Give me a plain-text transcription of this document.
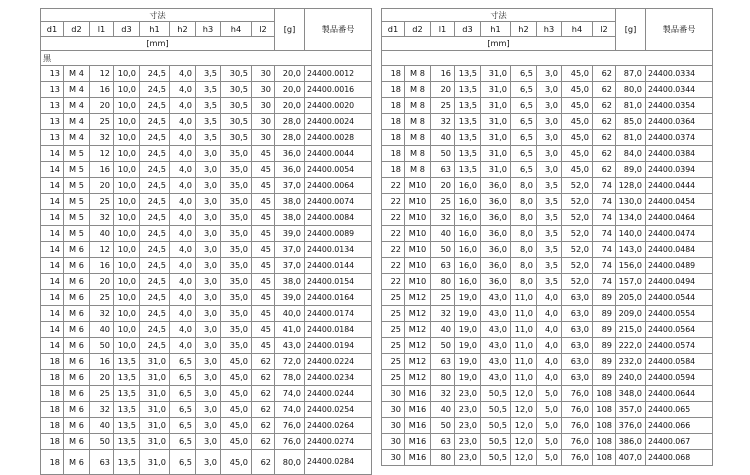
寸法									[g]	製品番号
d1	d2	l1	d3	h1	h2	h3	h4	l2		
[mm]										
黒										
13	M 4	12	10,0	24,5	4,0	3,5	30,5	30	20,0	24400.0012
13	M 4	16	10,0	24,5	4,0	3,5	30,5	30	20,0	24400.0016
13	M 4	20	10,0	24,5	4,0	3,5	30,5	30	20,0	24400.0020
13	M 4	25	10,0	24,5	4,0	3,5	30,5	30	28,0	24400.0024
13	M 4	32	10,0	24,5	4,0	3,5	30,5	30	28,0	24400.0028
14	M 5	12	10,0	24,5	4,0	3,0	35,0	45	36,0	24400.0044
14	M 5	16	10,0	24,5	4,0	3,0	35,0	45	36,0	24400.0054
14	M 5	20	10,0	24,5	4,0	3,0	35,0	45	37,0	24400.0064
14	M 5	25	10,0	24,5	4,0	3,0	35,0	45	38,0	24400.0074
14	M 5	32	10,0	24,5	4,0	3,0	35,0	45	38,0	24400.0084
14	M 5	40	10,0	24,5	4,0	3,0	35,0	45	39,0	24400.0089
14	M 6	12	10,0	24,5	4,0	3,0	35,0	45	37,0	24400.0134
14	M 6	16	10,0	24,5	4,0	3,0	35,0	45	37,0	24400.0144
14	M 6	20	10,0	24,5	4,0	3,0	35,0	45	38,0	24400.0154
14	M 6	25	10,0	24,5	4,0	3,0	35,0	45	39,0	24400.0164
14	M 6	32	10,0	24,5	4,0	3,0	35,0	45	40,0	24400.0174
14	M 6	40	10,0	24,5	4,0	3,0	35,0	45	41,0	24400.0184
14	M 6	50	10,0	24,5	4,0	3,0	35,0	45	43,0	24400.0194
18	M 6	16	13,5	31,0	6,5	3,0	45,0	62	72,0	24400.0224
18	M 6	20	13,5	31,0	6,5	3,0	45,0	62	78,0	24400.0234
18	M 6	25	13,5	31,0	6,5	3,0	45,0	62	74,0	24400.0244
18	M 6	32	13,5	31,0	6,5	3,0	45,0	62	74,0	24400.0254
18	M 6	40	13,5	31,0	6,5	3,0	45,0	62	76,0	24400.0264
18	M 6	50	13,5	31,0	6,5	3,0	45,0	62	76,0	24400.0274
18	M 6	63	13,5	31,0	6,5	3,0	45,0	62	80,0	24400.0284
寸法									[g]	製品番号
d1	d2	l1	d3	h1	h2	h3	h4	l2		
[mm]										

18	M 8	16	13,5	31,0	6,5	3,0	45,0	62	87,0	24400.0334
18	M 8	20	13,5	31,0	6,5	3,0	45,0	62	80,0	24400.0344
18	M 8	25	13,5	31,0	6,5	3,0	45,0	62	81,0	24400.0354
18	M 8	32	13,5	31,0	6,5	3,0	45,0	62	85,0	24400.0364
18	M 8	40	13,5	31,0	6,5	3,0	45,0	62	81,0	24400.0374
18	M 8	50	13,5	31,0	6,5	3,0	45,0	62	84,0	24400.0384
18	M 8	63	13,5	31,0	6,5	3,0	45,0	62	89,0	24400.0394
22	M10	20	16,0	36,0	8,0	3,5	52,0	74	128,0	24400.0444
22	M10	25	16,0	36,0	8,0	3,5	52,0	74	130,0	24400.0454
22	M10	32	16,0	36,0	8,0	3,5	52,0	74	134,0	24400.0464
22	M10	40	16,0	36,0	8,0	3,5	52,0	74	140,0	24400.0474
22	M10	50	16,0	36,0	8,0	3,5	52,0	74	143,0	24400.0484
22	M10	63	16,0	36,0	8,0	3,5	52,0	74	156,0	24400.0489
22	M10	80	16,0	36,0	8,0	3,5	52,0	74	157,0	24400.0494
25	M12	25	19,0	43,0	11,0	4,0	63,0	89	205,0	24400.0544
25	M12	32	19,0	43,0	11,0	4,0	63,0	89	209,0	24400.0554
25	M12	40	19,0	43,0	11,0	4,0	63,0	89	215,0	24400.0564
25	M12	50	19,0	43,0	11,0	4,0	63,0	89	222,0	24400.0574
25	M12	63	19,0	43,0	11,0	4,0	63,0	89	232,0	24400.0584
25	M12	80	19,0	43,0	11,0	4,0	63,0	89	240,0	24400.0594
30	M16	32	23,0	50,5	12,0	5,0	76,0	108	348,0	24400.0644
30	M16	40	23,0	50,5	12,0	5,0	76,0	108	357,0	24400.065
30	M16	50	23,0	50,5	12,0	5,0	76,0	108	376,0	24400.066
30	M16	63	23,0	50,5	12,0	5,0	76,0	108	386,0	24400.067
30	M16	80	23,0	50,5	12,0	5,0	76,0	108	407,0	24400.068
